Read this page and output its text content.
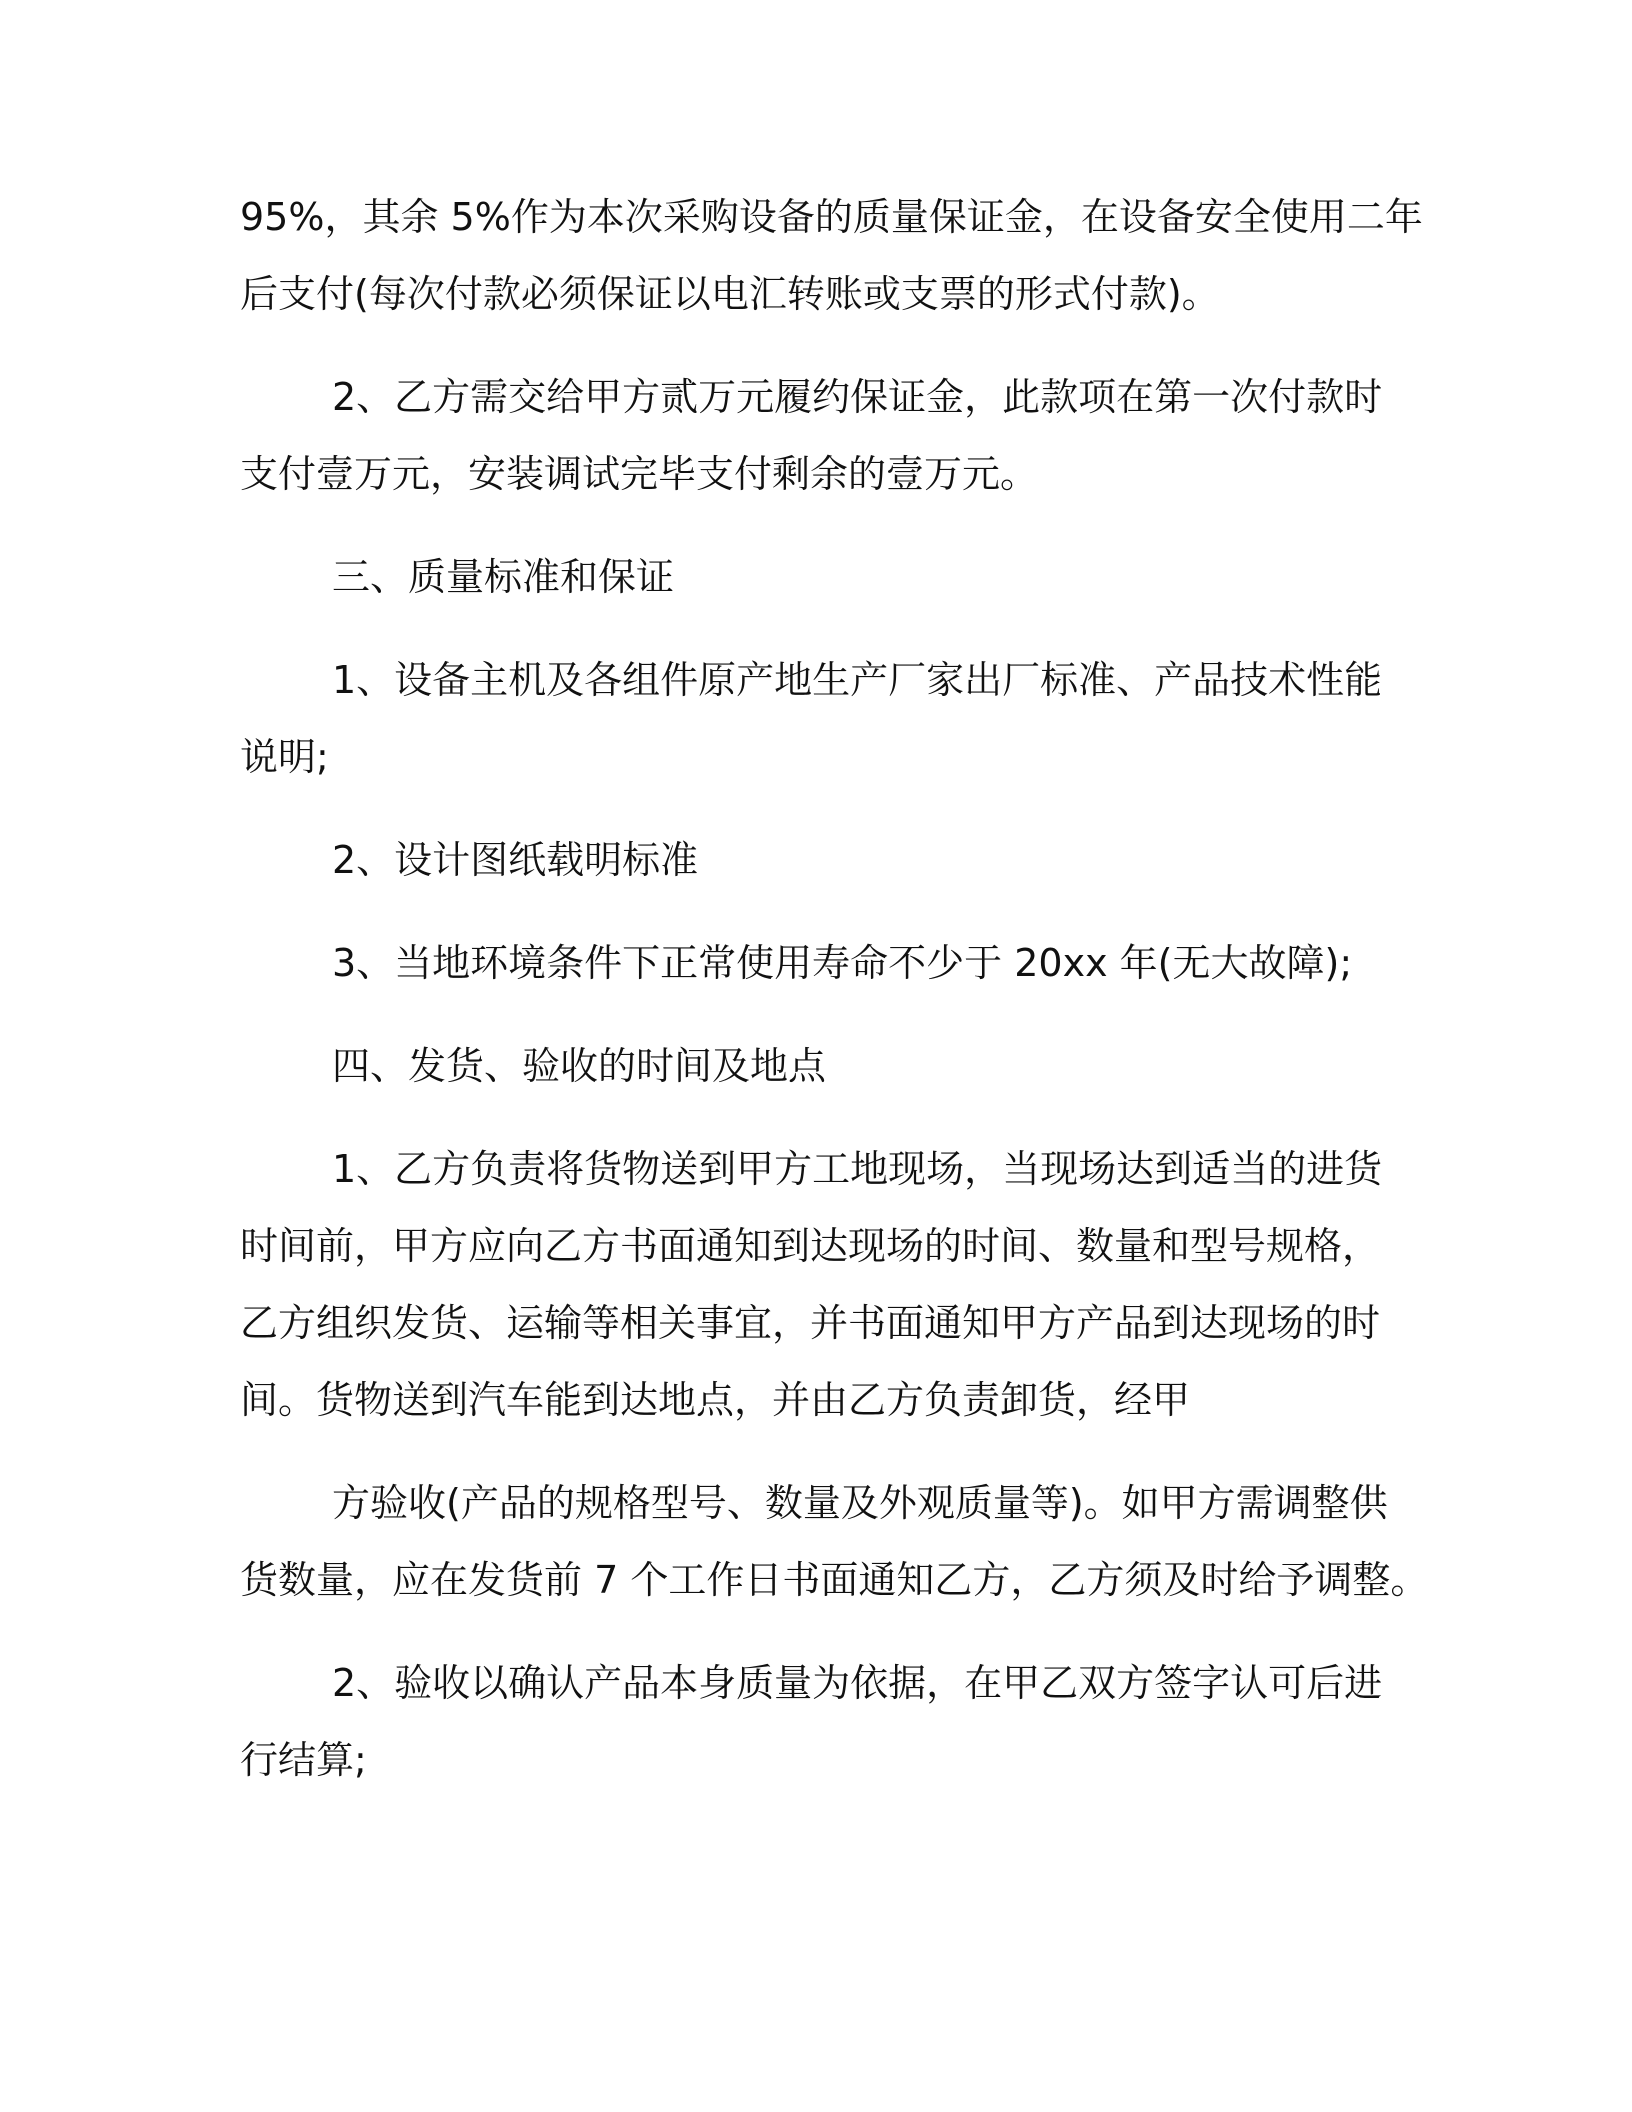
95%，其余 5%作为本次采购设备的质量保证金，在设备安全使用二年
后支付(每次付款必须保证以电汇转账或支票的形式付款)。
2、乙方需交给甲方贰万元履约保证金，此款项在第一次付款时
支付壹万元，安装调试完毕支付剩余的壹万元。
三、质量标准和保证
1、设备主机及各组件原产地生产厂家出厂标准、产品技术性能
说明;
2、设计图纸载明标准
3、当地环境条件下正常使用寿命不少于 20xx 年(无大故障);
四、发货、验收的时间及地点
1、乙方负责将货物送到甲方工地现场，当现场达到适当的进货
时间前，甲方应向乙方书面通知到达现场的时间、数量和型号规格，
乙方组织发货、运输等相关事宜，并书面通知甲方产品到达现场的时
间。货物送到汽车能到达地点，并由乙方负责卸货，经甲
方验收(产品的规格型号、数量及外观质量等)。如甲方需调整供
货数量，应在发货前 7 个工作日书面通知乙方，乙方须及时给予调整。
2、验收以确认产品本身质量为依据，在甲乙双方签字认可后进
行结算;
